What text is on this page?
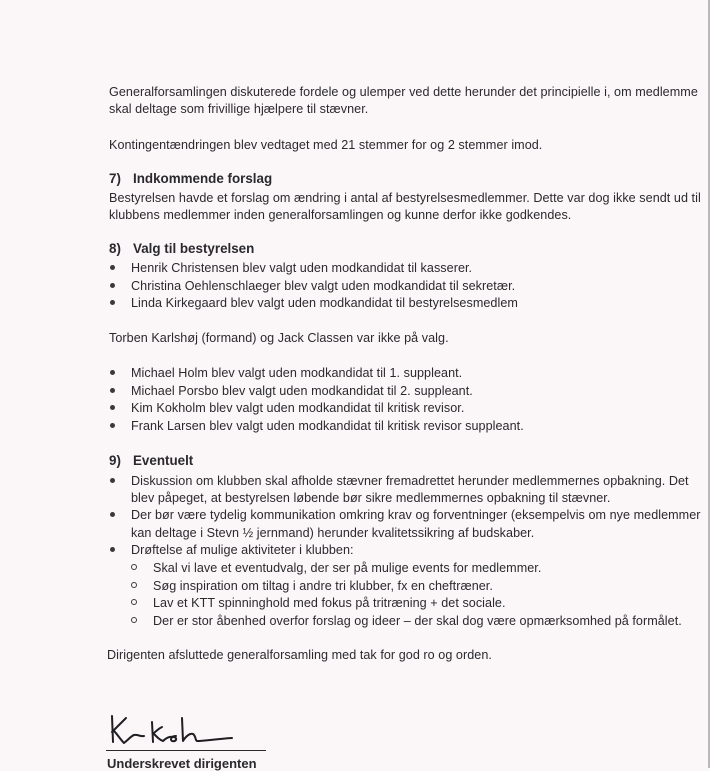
Generalforsamlingen diskuterede fordele og ulemper ved dette herunder det principielle i, om medlemme
skal deltage som frivillige hjælpere til stævner.
Kontingentændringen blev vedtaget med 21 stemmer for og 2 stemmer imod.
7) Indkommende forslag
Bestyrelsen havde et forslag om ændring i antal af bestyrelsesmedlemmer. Dette var dog ikke sendt ud til
klubbens medlemmer inden generalforsamlingen og kunne derfor ikke godkendes.
8) Valg til bestyrelsen
Henrik Christensen blev valgt uden modkandidat til kasserer.
Christina Oehlenschlaeger blev valgt uden modkandidat til sekretær.
Linda Kirkegaard blev valgt uden modkandidat til bestyrelsesmedlem
Torben Karlshøj (formand) og Jack Classen var ikke på valg.
Michael Holm blev valgt uden modkandidat til 1. suppleant.
Michael Porsbo blev valgt uden modkandidat til 2. suppleant.
Kim Kokholm blev valgt uden modkandidat til kritisk revisor.
Frank Larsen blev valgt uden modkandidat til kritisk revisor suppleant.
9) Eventuelt
Diskussion om klubben skal afholde stævner fremadrettet herunder medlemmernes opbakning. Det
blev påpeget, at bestyrelsen løbende bør sikre medlemmernes opbakning til stævner.
Der bør være tydelig kommunikation omkring krav og forventninger (eksempelvis om nye medlemmer
kan deltage i Stevn ½ jernmand) herunder kvalitetssikring af budskaber.
Drøftelse af mulige aktiviteter i klubben:
Skal vi lave et eventudvalg, der ser på mulige events for medlemmer.
Søg inspiration om tiltag i andre tri klubber, fx en cheftræner.
Lav et KTT spinninghold med fokus på tritræning + det sociale.
Der er stor åbenhed overfor forslag og ideer – der skal dog være opmærksomhed på formålet.
Dirigenten afsluttede generalforsamling med tak for god ro og orden.
Underskrevet dirigenten
